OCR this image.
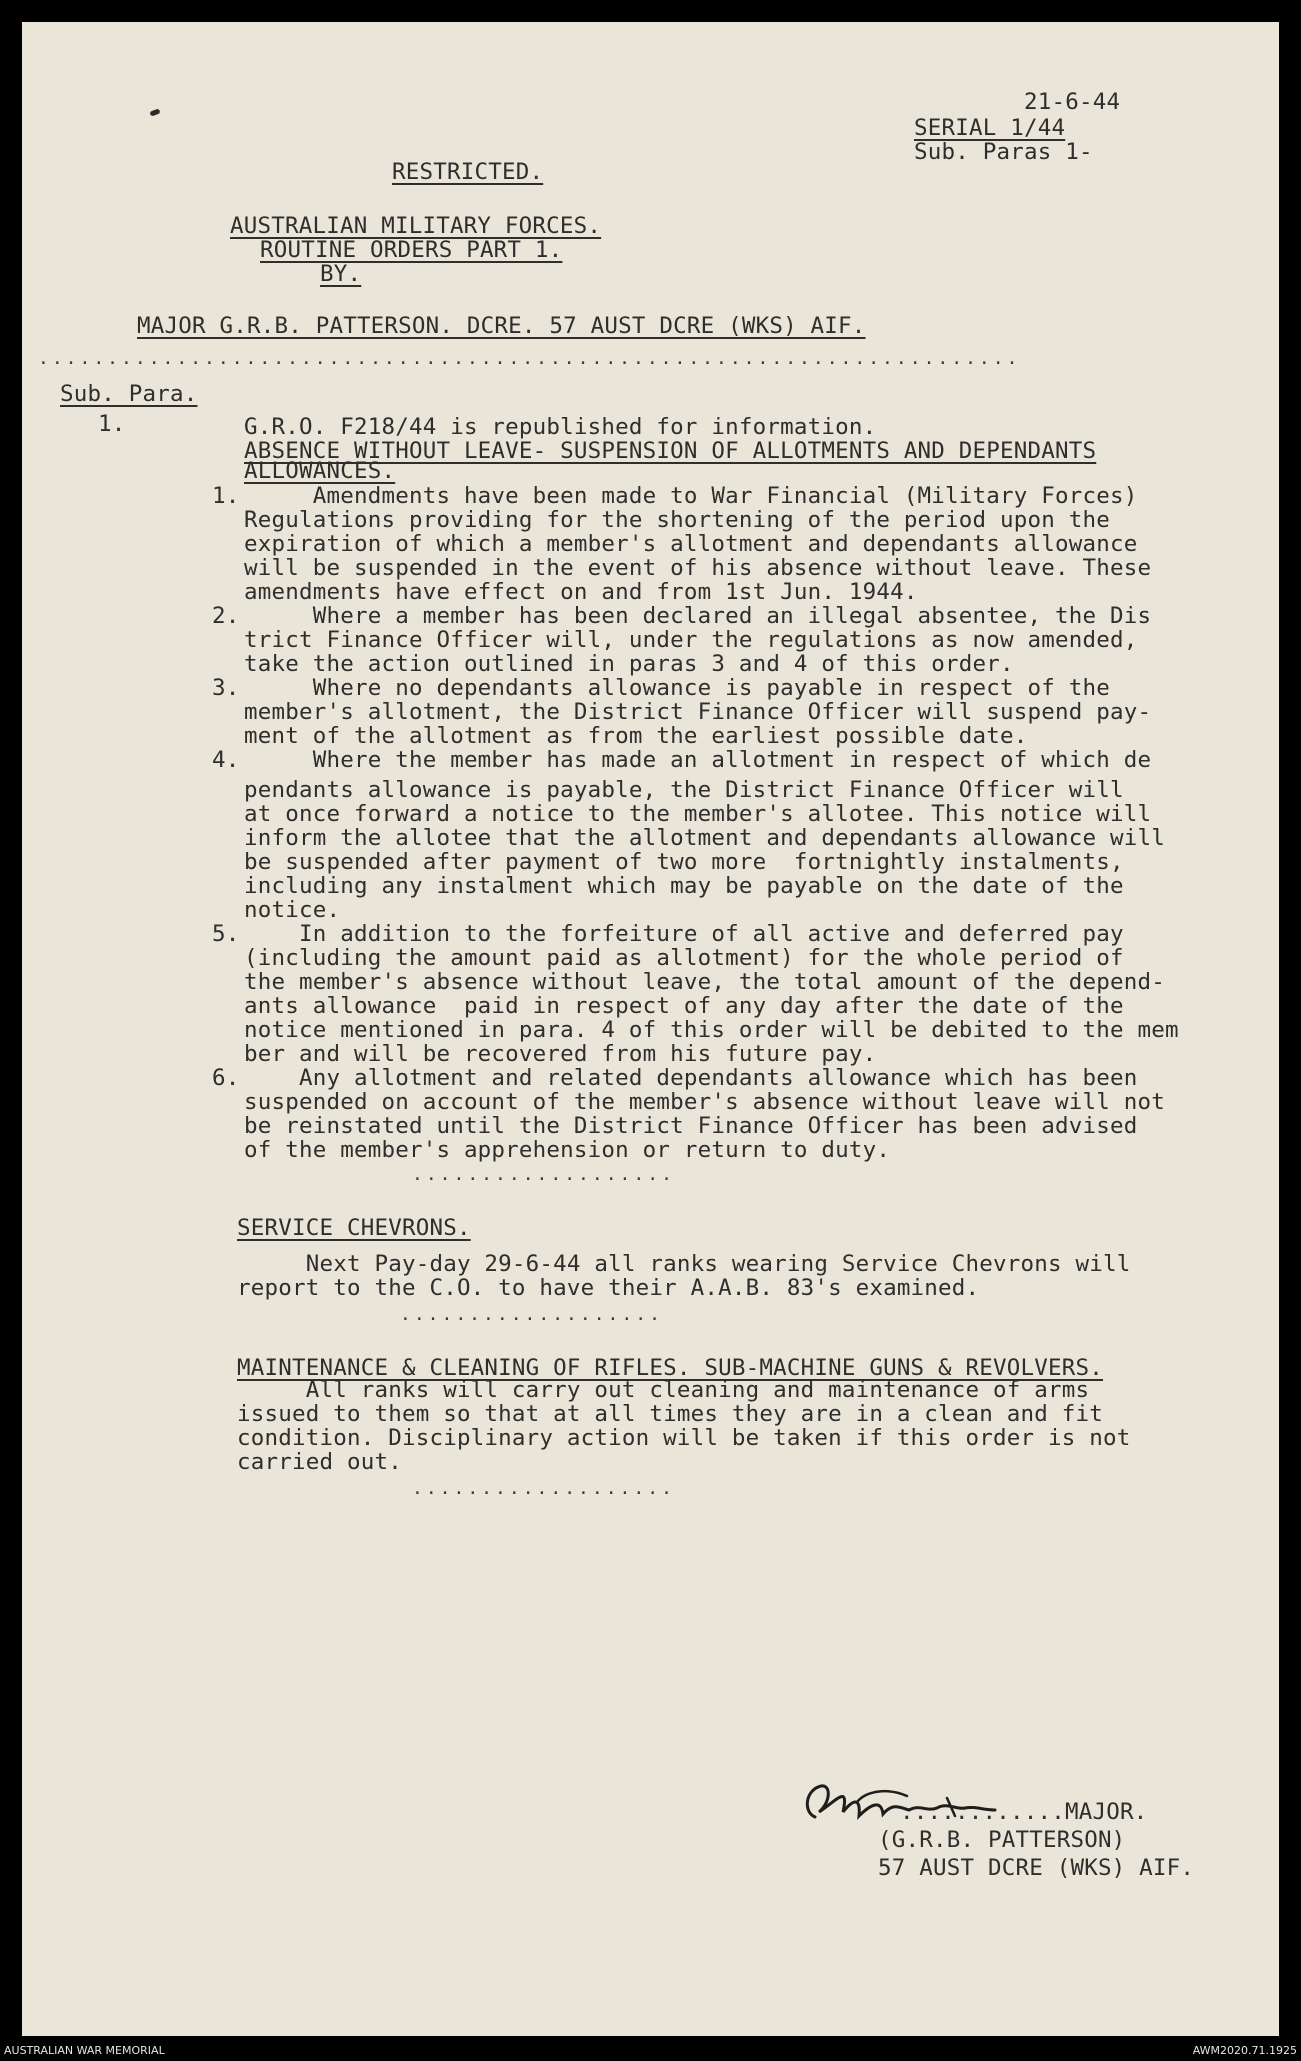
21-6-44
SERIAL 1/44
Sub. Paras 1-
RESTRICTED.
AUSTRALIAN MILITARY FORCES.
ROUTINE ORDERS PART 1.
BY.
MAJOR G.R.B. PATTERSON. DCRE. 57 AUST DCRE (WKS) AIF.
.......................................................................
Sub. Para.
1.	G.R.O. F218/44 is republished for information.
ABSENCE WITHOUT LEAVE- SUSPENSION OF ALLOTMENTS AND DEPENDANTS
ALLOWANCES.
1. Amendments have been made to War Financial (Military Forces)
Regulations providing for the shortening of the period upon the
expiration of which a member's allotment and dependants allowance
will be suspended in the event of his absence without leave. These
amendments have effect on and from 1st Jun. 1944.
2. Where a member has been declared an illegal absentee, the Dis
trict Finance Officer will, under the regulations as now amended,
take the action outlined in paras 3 and 4 of this order.
3. Where no dependants allowance is payable in respect of the
member's allotment, the District Finance Officer will suspend pay-
ment of the allotment as from the earliest possible date.
4. Where the member has made an allotment in respect of which de
pendants allowance is payable, the District Finance Officer will
at once forward a notice to the member's allotee. This notice will
inform the allotee that the allotment and dependants allowance will
be suspended after payment of two more  fortnightly instalments,
including any instalment which may be payable on the date of the
notice.
5. In addition to the forfeiture of all active and deferred pay
(including the amount paid as allotment) for the whole period of
the member's absence without leave, the total amount of the depend-
ants allowance  paid in respect of any day after the date of the
notice mentioned in para. 4 of this order will be debited to the mem
ber and will be recovered from his future pay.
6. Any allotment and related dependants allowance which has been
suspended on account of the member's absence without leave will not
be reinstated until the District Finance Officer has been advised
of the member's apprehension or return to duty.
...................
SERVICE CHEVRONS.
Next Pay-day 29-6-44 all ranks wearing Service Chevrons will
report to the C.O. to have their A.A.B. 83's examined.
...................
MAINTENANCE & CLEANING OF RIFLES. SUB-MACHINE GUNS & REVOLVERS.
All ranks will carry out cleaning and maintenance of arms
issued to them so that at all times they are in a clean and fit
condition. Disciplinary action will be taken if this order is not
carried out.
...................
............MAJOR.
(G.R.B. PATTERSON)
57 AUST DCRE (WKS) AIF.
AUSTRALIAN WAR MEMORIAL	AWM2020.71.1925
